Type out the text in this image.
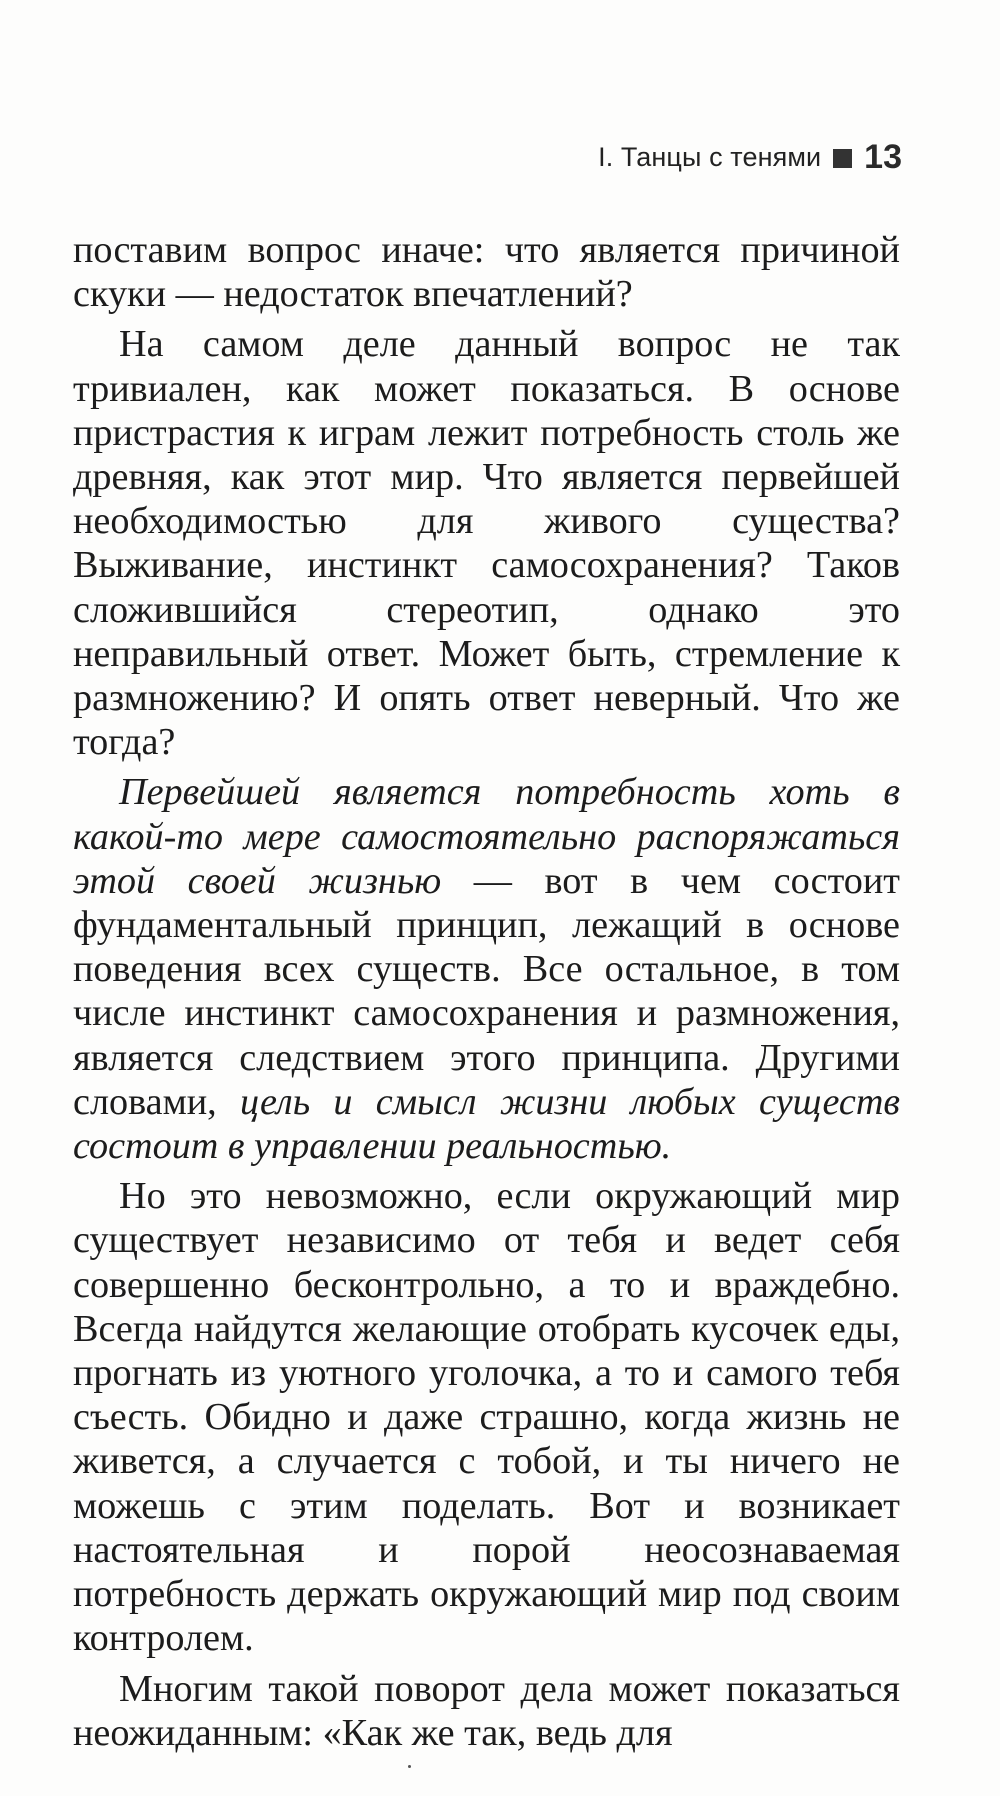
I. Танцы с тенями 13

поставим вопрос иначе: что является причиной скуки — недостаток впечатлений?

На самом деле данный вопрос не так тривиален, как может показаться. В основе пристрастия к играм лежит потребность столь же древняя, как этот мир. Что является первейшей необходимостью для живого существа? Выживание, инстинкт самосохранения? Таков сложившийся стереотип, однако это неправильный ответ. Может быть, стремление к размножению? И опять ответ неверный. Что же тогда?

Первейшей является потребность хоть в какой-то мере самостоятельно распоряжаться этой своей жизнью — вот в чем состоит фундаментальный принцип, лежащий в основе поведения всех существ. Все остальное, в том числе инстинкт самосохранения и размножения, является следствием этого принципа. Другими словами, цель и смысл жизни любых существ состоит в управлении реальностью.

Но это невозможно, если окружающий мир существует независимо от тебя и ведет себя совершенно бесконтрольно, а то и враждебно. Всегда найдутся желающие отобрать кусочек еды, прогнать из уютного уголочка, а то и самого тебя съесть. Обидно и даже страшно, когда жизнь не живется, а случается с тобой, и ты ничего не можешь с этим поделать. Вот и возникает настоятельная и порой неосознаваемая потребность держать окружающий мир под своим контролем.

Многим такой поворот дела может показаться неожиданным: «Как же так, ведь для
